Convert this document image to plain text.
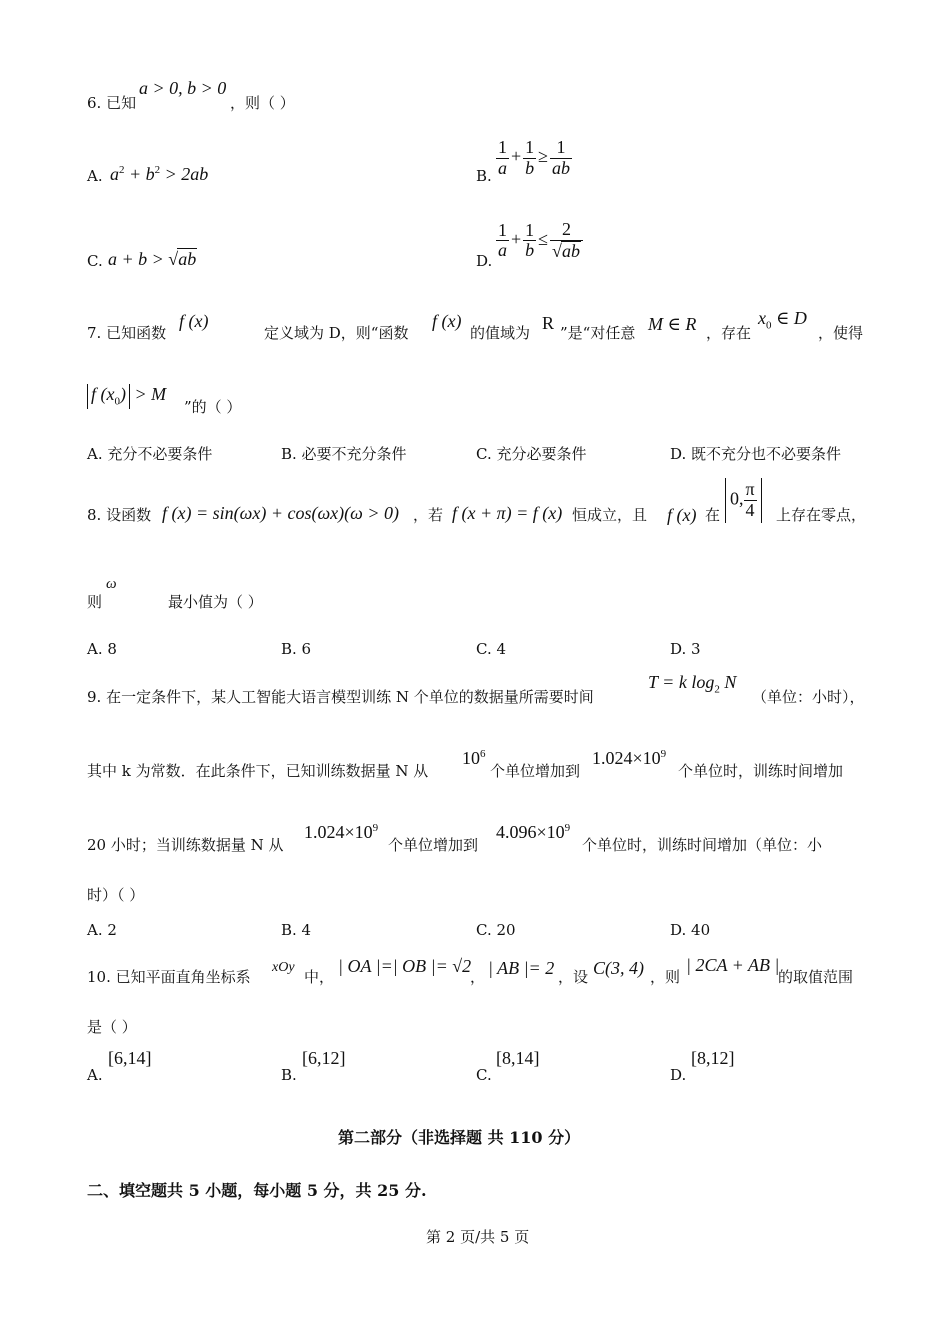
6. 已知
a > 0, b > 0
，则（ ）
A. $a^2 + b^2 > 2ab$	B. $\frac{1}{a} + \frac{1}{b} \ge \frac{1}{ab}$
C. a + b > √ab	D. $\frac{1}{a} + \frac{1}{b} \le \frac{2}{√ab}$
7. 已知函数
f (x)
定义域为 D，则“函数
f (x)
的值域为 R ”是“对任意 M ∈ R ，存在
$x_0$ ∈ D
，使得
f $(x_0) > M$
”的（ ）
A. 充分不必要条件	B. 必要不充分条件	C. 充分必要条件	D. 既不充分也不必要条件
8. 设函数 f (x) = sin(ωx) + cos(ωx)(ω > 0) ，若 f (x + π) = f (x) 恒成立，且 f (x) 在
0, $\frac{\pi}{4}$ 上存在零点，
则
ω
最小值为（ ）
A. 8	B. 6	C. 4	D. 3
9. 在一定条件下，某人工智能大语言模型训练 N 个单位的数据量所需要时间
T = k $\log_2 N$
（单位：小时），
其中 k 为常数．在此条件下，已知训练数据量 N 从
$10^6$
个单位增加到
$1.024\times 10^9$
个单位时，训练时间增加
20 小时；当训练数据量 N 从
$1.024\times 10^9$
个单位增加到
$4.096\times 10^9$
个单位时，训练时间增加（单位：小
时）（ ）
A. 2	B. 4	C. 20	D. 40
10. 已知平面直角坐标系
xOy
中，
| OA |=| OB |= √2
， | AB |= 2 ，设 C(3, 4) ，则
| 2CA + AB |
的取值范围
是（ ）
A.
[6,14]
B.
[6,12]
C.
[8,14]
D.
[8,12]
第二部分（非选择题 共 110 分）
二、填空题共 5 小题，每小题 5 分，共 25 分.
第 2 页/共 5 页
